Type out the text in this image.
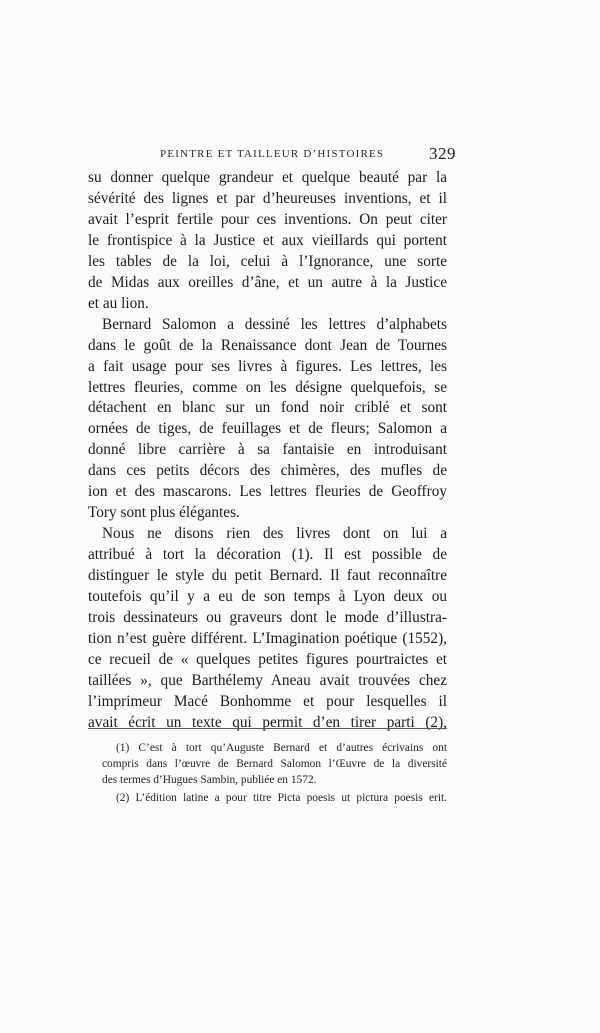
PEINTRE ET TAILLEUR D’HISTOIRES	329

su donner quelque grandeur et quelque beauté par la
sévérité des lignes et par d’heureuses inventions, et il
avait l’esprit fertile pour ces inventions. On peut citer
le frontispice à la Justice et aux vieillards qui portent
les tables de la loi, celui à l’Ignorance, une sorte
de Midas aux oreilles d’âne, et un autre à la Justice
et au lion.

Bernard Salomon a dessiné les lettres d’alphabets
dans le goût de la Renaissance dont Jean de Tournes
a fait usage pour ses livres à figures. Les lettres, les
lettres fleuries, comme on les désigne quelquefois, se
détachent en blanc sur un fond noir criblé et sont
ornées de tiges, de feuillages et de fleurs; Salomon a
donné libre carrière à sa fantaisie en introduisant
dans ces petits décors des chimères, des mufles de
ion et des mascarons. Les lettres fleuries de Geoffroy
Tory sont plus élégantes.

Nous ne disons rien des livres dont on lui a
attribué à tort la décoration (1). Il est possible de
distinguer le style du petit Bernard. Il faut reconnaître
toutefois qu’il y a eu de son temps à Lyon deux ou
trois dessinateurs ou graveurs dont le mode d’illustra-
tion n’est guère différent. L’Imagination poétique (1552),
ce recueil de « quelques petites figures pourtraictes et
taillées », que Barthélemy Aneau avait trouvées chez
l’imprimeur Macé Bonhomme et pour lesquelles il
avait écrit un texte qui permit d’en tirer parti (2),

(1) C’est à tort qu’Auguste Bernard et d’autres écrivains ont
compris dans l’œuvre de Bernard Salomon l’Œuvre de la diversité
des termes d’Hugues Sambin, publiée en 1572.

(2) L’édition latine a pour titre Picta poesis ut pictura poesis erit.
